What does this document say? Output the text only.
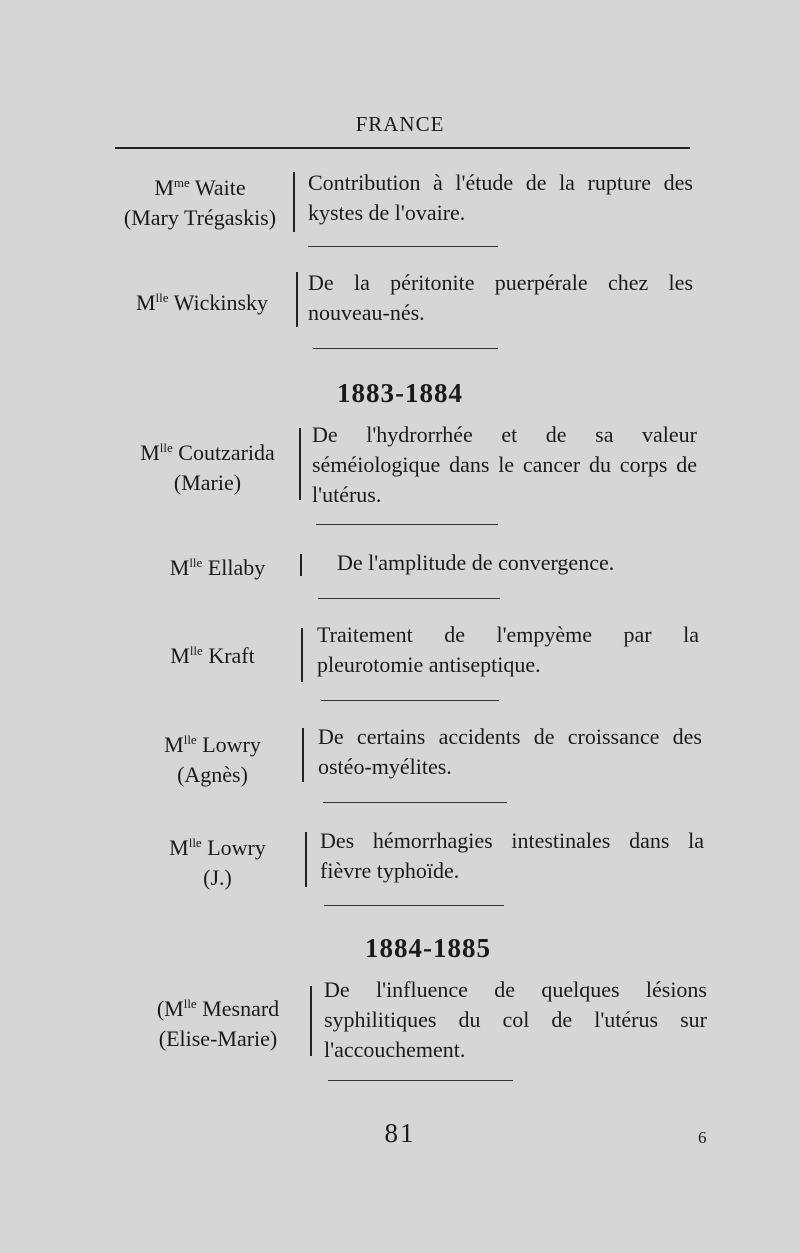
FRANCE
$M^{me}$ Waite
(Mary Trégaskis)
Contribution à l'étude de la rupture des kystes de l'ovaire.
$M^{lle}$ Wickinsky
De la péritonite puerpérale chez les nouveau-nés.
1883-1884
$M^{lle}$ Coutzarida
(Marie)
De l'hydrorrhée et de sa valeur séméiologique dans le cancer du corps de l'utérus.
$M^{lle}$ Ellaby	De l'amplitude de convergence.
$M^{lle}$ Kraft
Traitement de l'empyème par la pleurotomie antiseptique.
$M^{lle}$ Lowry
(Agnès)
De certains accidents de croissance des ostéo-myélites.
$M^{lle}$ Lowry
(J.)
Des hémorrhagies intestinales dans la fièvre typhoïde.
1884-1885
($M^{lle}$ Mesnard
(Elise-Marie)
De l'influence de quelques lésions syphilitiques du col de l'utérus sur l'accouchement.
81	6
